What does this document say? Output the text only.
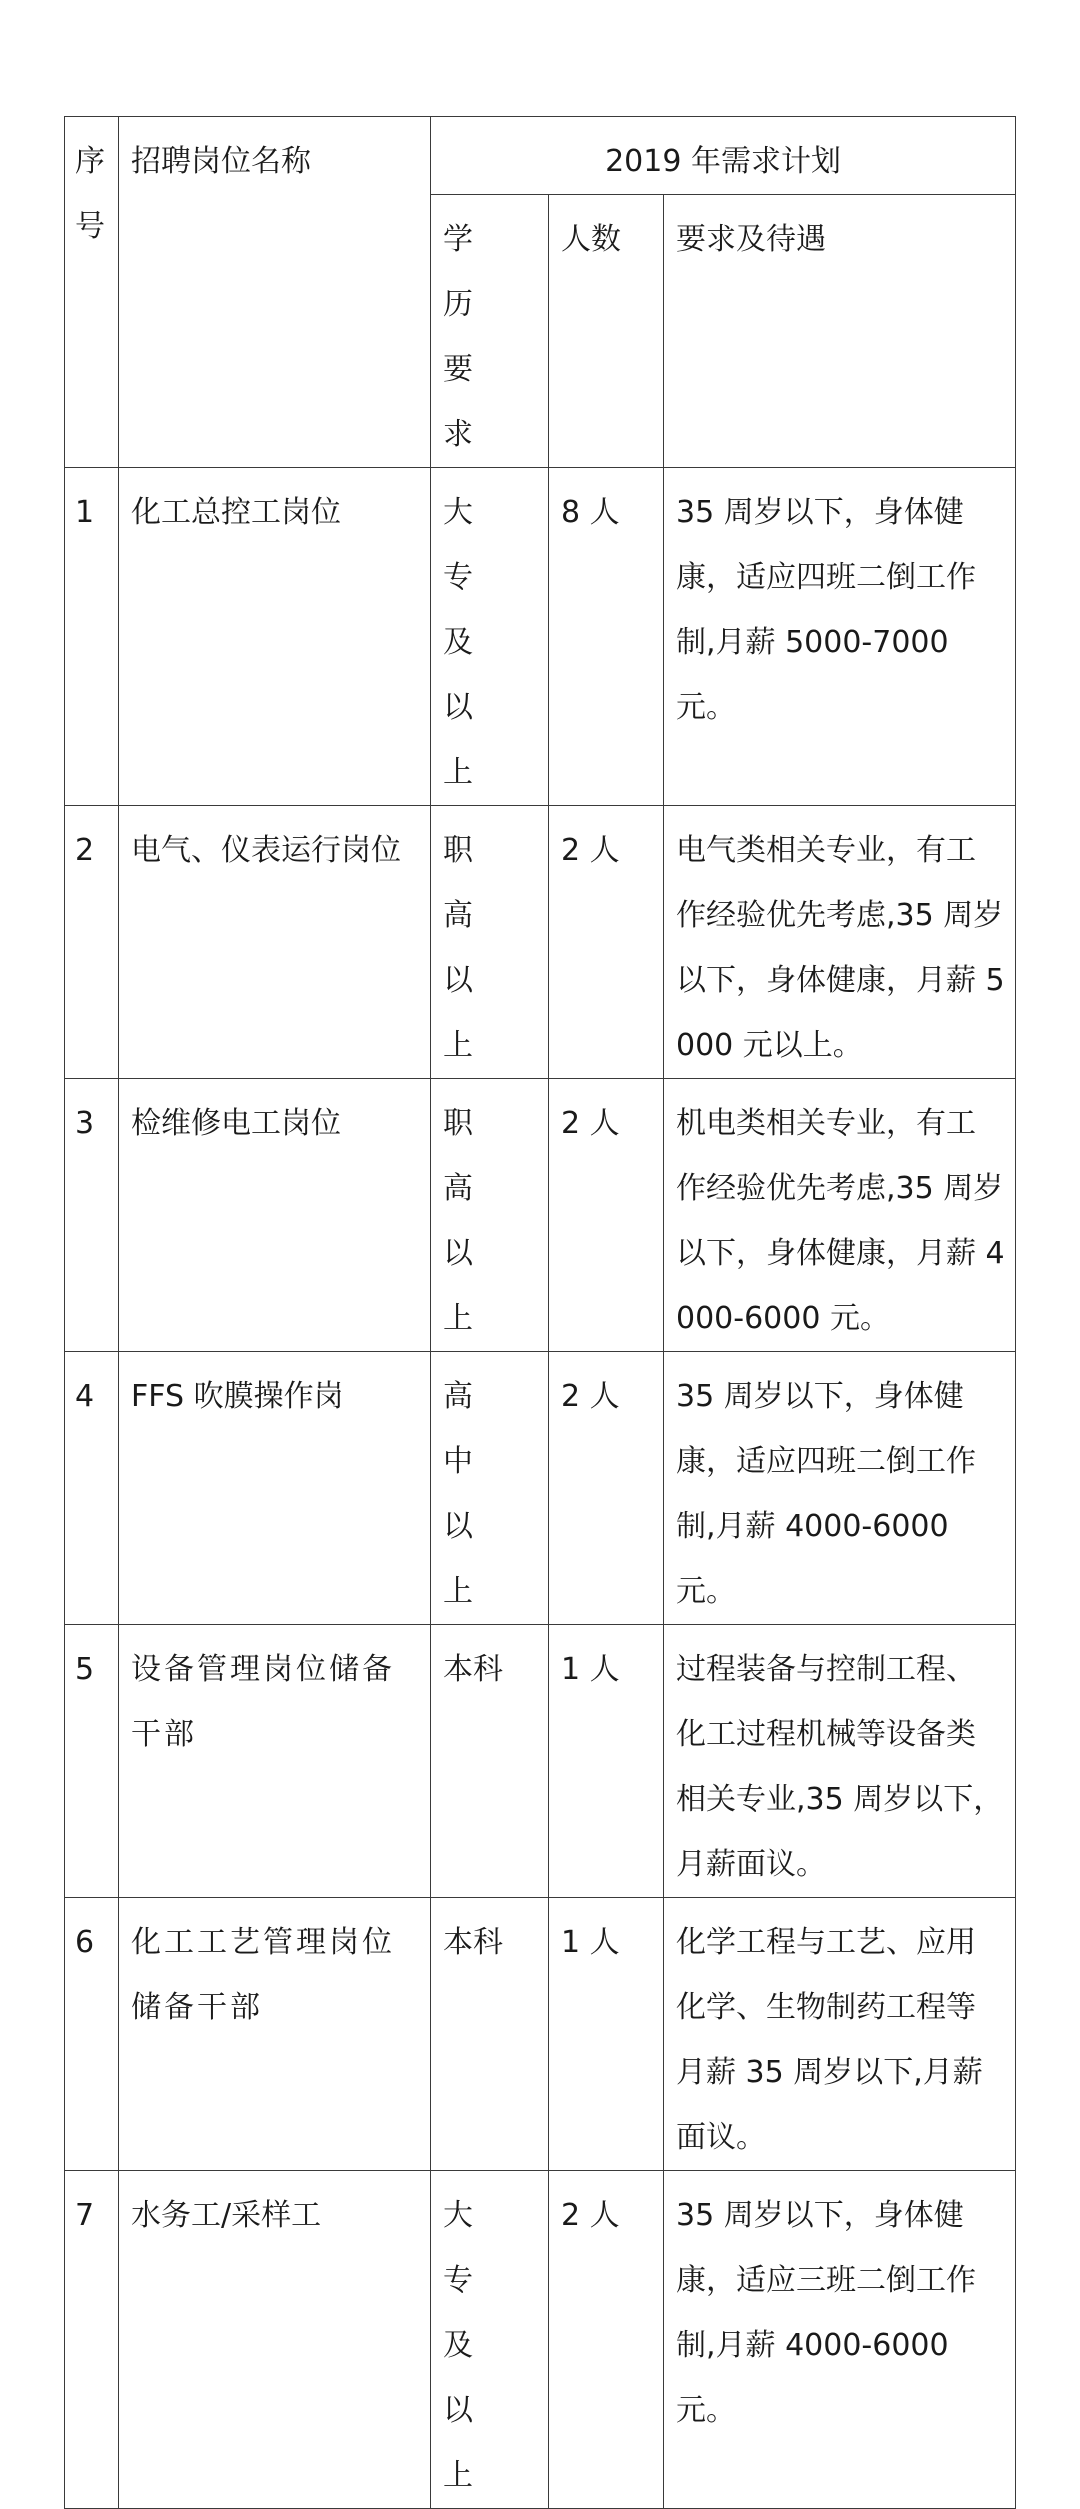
序号	招聘岗位名称	2019 年需求计划		
		学 历要求	人数	要求及待遇
1	化工总控工岗位	大 专及 以上	8 人	35 周岁以下，身体健康，适应四班二倒工作制,月薪 5000-7000 元。
2	电气、仪表运行岗位	职 高以上	2 人	电气类相关专业，有工作经验优先考虑,35 周岁以下，身体健康，月薪 5000 元以上。
3	检维修电工岗位	职 高以上	2 人	机电类相关专业，有工作经验优先考虑,35 周岁以下，身体健康，月薪 4000-6000 元。
4	FFS 吹膜操作岗	高 中以上	2 人	35 周岁以下，身体健康，适应四班二倒工作制,月薪 4000-6000 元。
5	设备管理岗位储备干部	本科	1 人	过程装备与控制工程、化工过程机械等设备类相关专业,35 周岁以下，月薪面议。
6	化工工艺管理岗位储备干部	本科	1 人	化学工程与工艺、应用化学、生物制药工程等月薪 35 周岁以下,月薪面议。
7	水务工/采样工	大 专及 以上	2 人	35 周岁以下，身体健康，适应三班二倒工作制,月薪 4000-6000 元。
